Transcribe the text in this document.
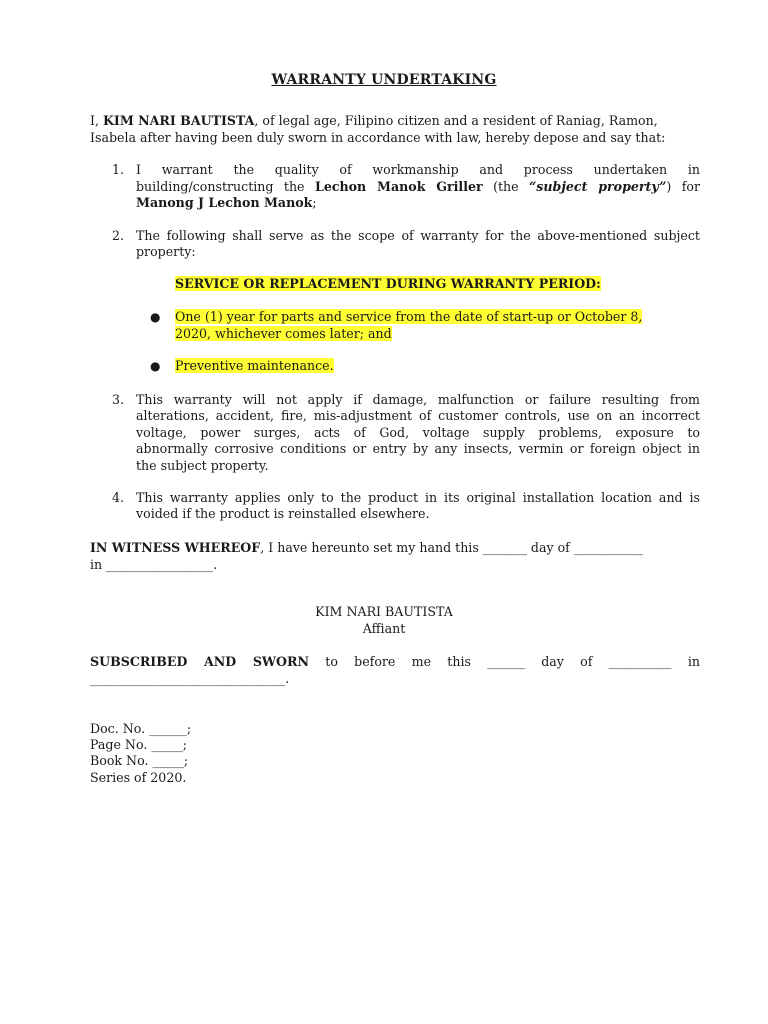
WARRANTY UNDERTAKING
I, KIM NARI BAUTISTA, of legal age, Filipino citizen and a resident of Raniag, Ramon,
Isabela after having been duly sworn in accordance with law, hereby depose and say that:
1. I warrant the quality of workmanship and process undertaken in
building/constructing the Lechon Manok Griller (the “subject property”) for
Manong J Lechon Manok;
2. The following shall serve as the scope of warranty for the above-mentioned subject
property:
SERVICE OR REPLACEMENT DURING WARRANTY PERIOD:
● One (1) year for parts and service from the date of start-up or October 8,
2020, whichever comes later; and
● Preventive maintenance.
3. This warranty will not apply if damage, malfunction or failure resulting from
alterations, accident, fire, mis-adjustment of customer controls, use on an incorrect
voltage, power surges, acts of God, voltage supply problems, exposure to
abnormally corrosive conditions or entry by any insects, vermin or foreign object in
the subject property.
4. This warranty applies only to the product in its original installation location and is
voided if the product is reinstalled elsewhere.
IN WITNESS WHEREOF, I have hereunto set my hand this _______ day of ___________
in _________________.
KIM NARI BAUTISTA
Affiant
SUBSCRIBED AND SWORN to before me this ______ day of __________ in
_______________________________.
Doc. No. ______;
Page No. _____;
Book No. _____;
Series of 2020.
